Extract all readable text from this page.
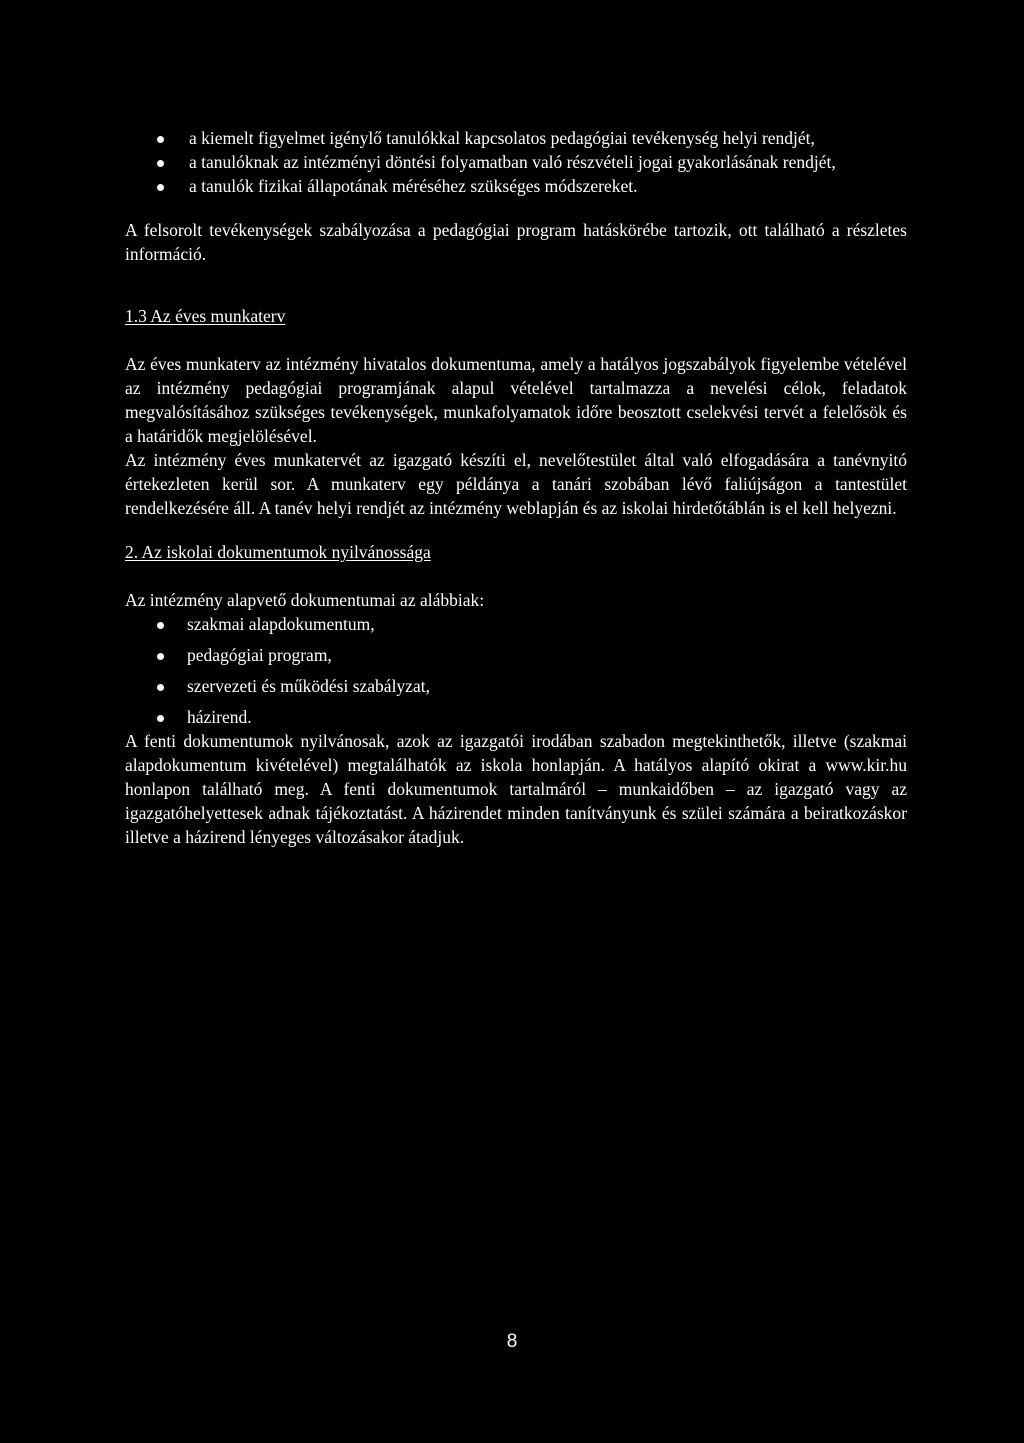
a kiemelt figyelmet igénylő tanulókkal kapcsolatos pedagógiai tevékenység helyi rendjét,
a tanulóknak az intézményi döntési folyamatban való részvételi jogai gyakorlásának rendjét,
a tanulók fizikai állapotának méréséhez szükséges módszereket.

A felsorolt tevékenységek szabályozása a pedagógiai program hatáskörébe tartozik, ott található a részletes információ.

1.3 Az éves munkaterv

Az éves munkaterv az intézmény hivatalos dokumentuma, amely a hatályos jogszabályok figyelembe vételével az intézmény pedagógiai programjának alapul vételével tartalmazza a nevelési célok, feladatok megvalósításához szükséges tevékenységek, munkafolyamatok időre beosztott cselekvési tervét a felelősök és a határidők megjelölésével.

Az intézmény éves munkatervét az igazgató készíti el, nevelőtestület által való elfogadására a tanévnyitó értekezleten kerül sor. A munkaterv egy példánya a tanári szobában lévő faliújságon a tantestület rendelkezésére áll. A tanév helyi rendjét az intézmény weblapján és az iskolai hirdetőtáblán is el kell helyezni.

2. Az iskolai dokumentumok nyilvánossága

Az intézmény alapvető dokumentumai az alábbiak:

szakmai alapdokumentum,
pedagógiai program,
szervezeti és működési szabályzat,
házirend.

A fenti dokumentumok nyilvánosak, azok az igazgatói irodában szabadon megtekinthetők, illetve (szakmai alapdokumentum kivételével) megtalálhatók az iskola honlapján. A hatályos alapító okirat a www.kir.hu honlapon található meg. A fenti dokumentumok tartalmáról – munkaidőben – az igazgató vagy az igazgatóhelyettesek adnak tájékoztatást. A házirendet minden tanítványunk és szülei számára a beiratkozáskor illetve a házirend lényeges változásakor átadjuk.

8
